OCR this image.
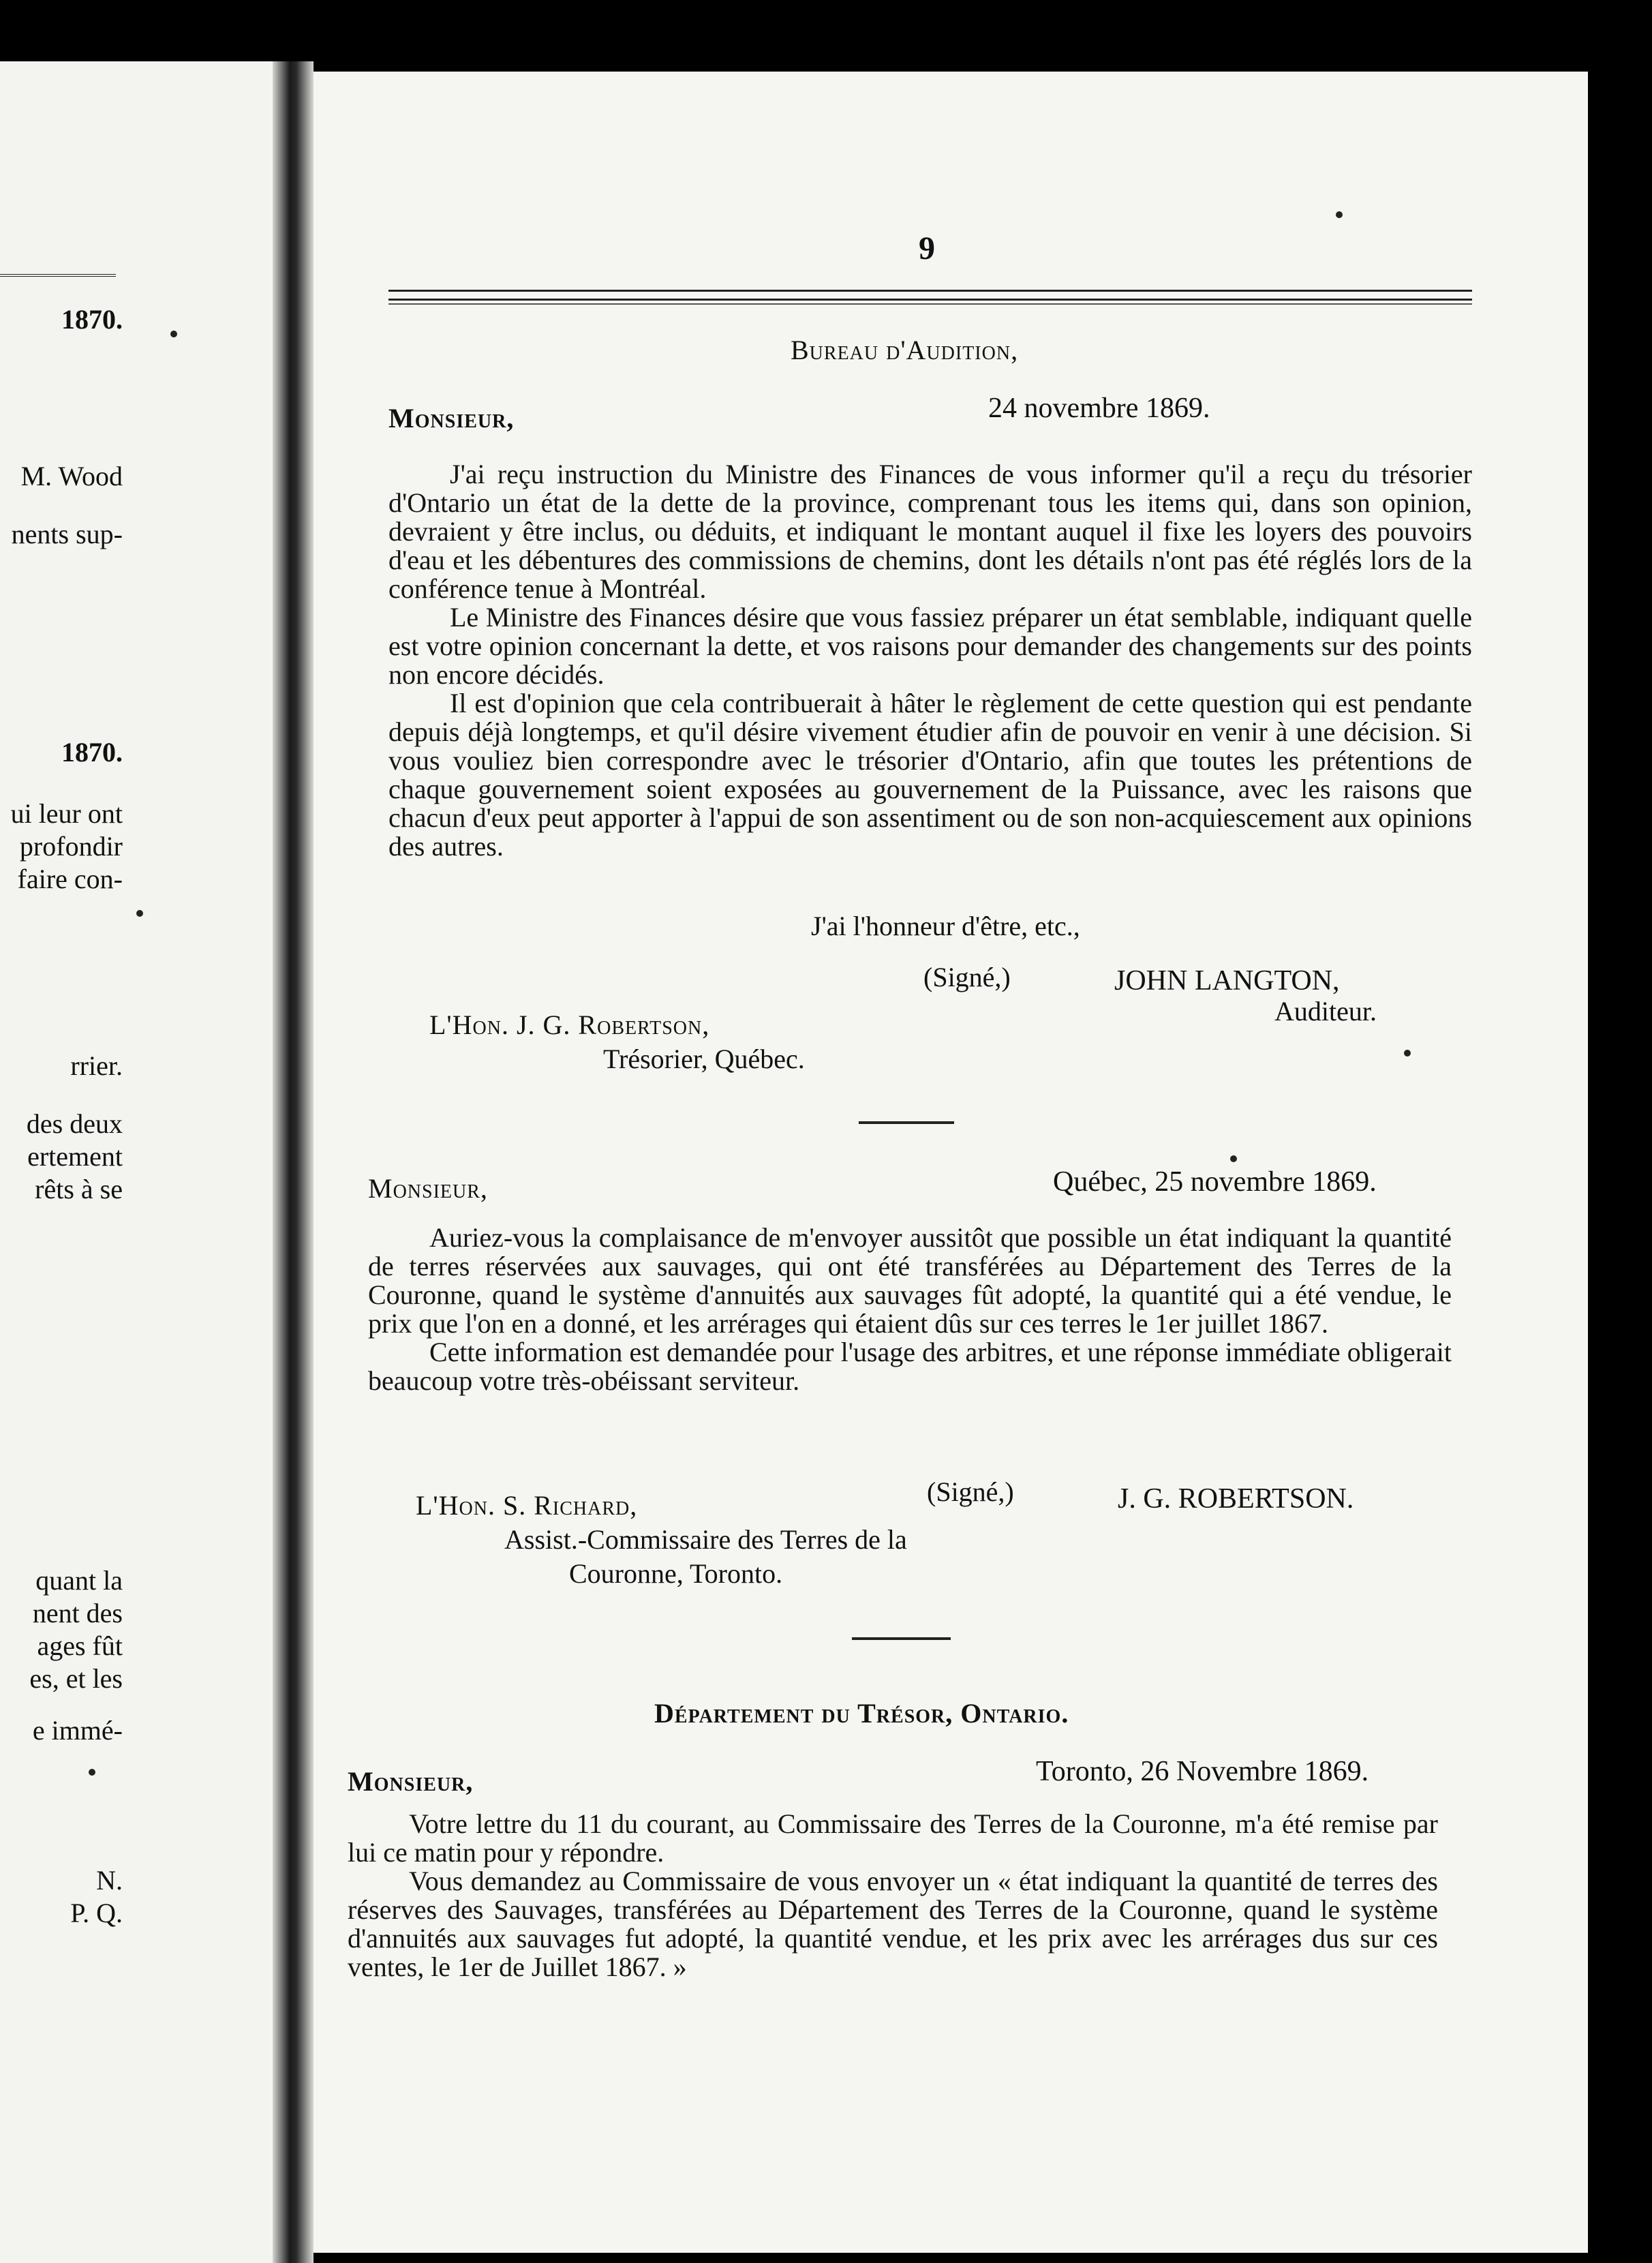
1870.
M. Wood
nents sup-
1870.
ui leur ont
profondir
faire con-
rrier.
des deux
ertement
rêts à se
quant la
nent des
ages fût
es, et les
e immé-
N.
P. Q.
9
Bureau d'Audition,
Monsieur,	24 novembre 1869.

J'ai reçu instruction du Ministre des Finances de vous informer qu'il a reçu du trésorier d'Ontario un état de la dette de la province, comprenant tous les items qui, dans son opinion, devraient y être inclus, ou déduits, et indiquant le montant auquel il fixe les loyers des pouvoirs d'eau et les débentures des commissions de chemins, dont les détails n'ont pas été réglés lors de la conférence tenue à Montréal.

Le Ministre des Finances désire que vous fassiez préparer un état semblable, indiquant quelle est votre opinion concernant la dette, et vos raisons pour demander des changements sur des points non encore décidés.

Il est d'opinion que cela contribuerait à hâter le règlement de cette question qui est pendante depuis déjà longtemps, et qu'il désire vivement étudier afin de pouvoir en venir à une décision. Si vous vouliez bien correspondre avec le trésorier d'Ontario, afin que toutes les prétentions de chaque gouvernement soient exposées au gouvernement de la Puissance, avec les raisons que chacun d'eux peut apporter à l'appui de son assentiment ou de son non-acquiescement aux opinions des autres.

J'ai l'honneur d'être, etc.,
(Signé,)	JOHN LANGTON,
Auditeur.
L'Hon. J. G. Robertson,
Trésorier, Québec.
Monsieur,	Québec, 25 novembre 1869.

Auriez-vous la complaisance de m'envoyer aussitôt que possible un état indiquant la quantité de terres réservées aux sauvages, qui ont été transférées au Département des Terres de la Couronne, quand le système d'annuités aux sauvages fût adopté, la quantité qui a été vendue, le prix que l'on en a donné, et les arrérages qui étaient dûs sur ces terres le 1er juillet 1867.

Cette information est demandée pour l'usage des arbitres, et une réponse immédiate obligerait beaucoup votre très-obéissant serviteur.

(Signé,)	J. G. ROBERTSON.
L'Hon. S. Richard,
Assist.-Commissaire des Terres de la
Couronne, Toronto.
Département du Trésor, Ontario.
Monsieur,	Toronto, 26 Novembre 1869.

Votre lettre du 11 du courant, au Commissaire des Terres de la Couronne, m'a été remise par lui ce matin pour y répondre.

Vous demandez au Commissaire de vous envoyer un « état indiquant la quantité de terres des réserves des Sauvages, transférées au Département des Terres de la Couronne, quand le système d'annuités aux sauvages fut adopté, la quantité vendue, et les prix avec les arrérages dus sur ces ventes, le 1er de Juillet 1867. »
